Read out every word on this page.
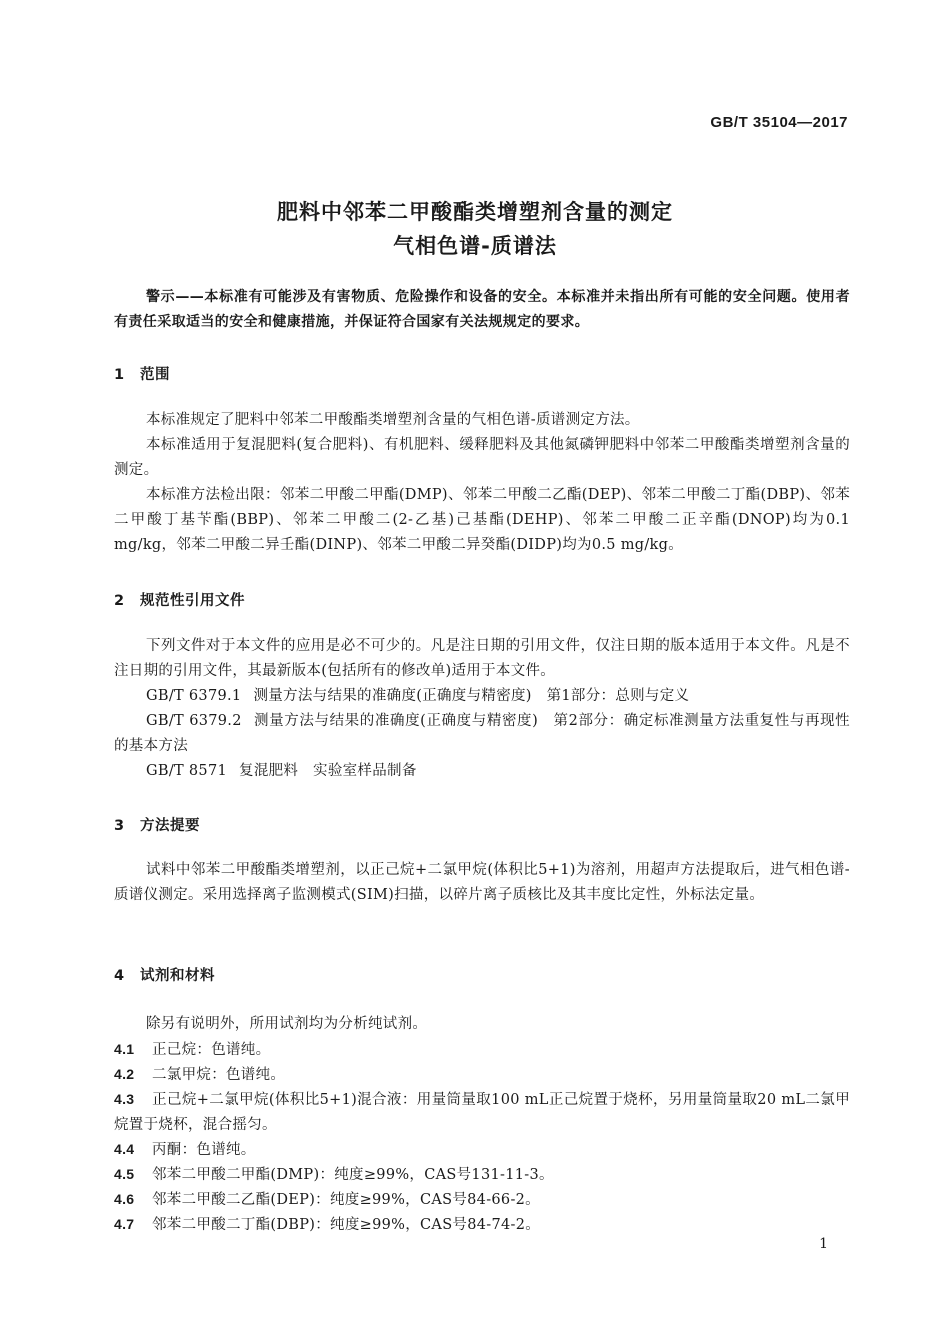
GB/T 35104—2017
肥料中邻苯二甲酸酯类增塑剂含量的测定
气相色谱-质谱法
警示——本标准有可能涉及有害物质、危险操作和设备的安全。本标准并未指出所有可能的安全问题。使用者有责任采取适当的安全和健康措施，并保证符合国家有关法规规定的要求。
1 范围
本标准规定了肥料中邻苯二甲酸酯类增塑剂含量的气相色谱-质谱测定方法。
本标准适用于复混肥料(复合肥料)、有机肥料、缓释肥料及其他氮磷钾肥料中邻苯二甲酸酯类增塑剂含量的测定。
本标准方法检出限：邻苯二甲酸二甲酯(DMP)、邻苯二甲酸二乙酯(DEP)、邻苯二甲酸二丁酯(DBP)、邻苯二甲酸丁基苄酯(BBP)、邻苯二甲酸二(2-乙基)己基酯(DEHP)、邻苯二甲酸二正辛酯(DNOP)均为0.1 mg/kg，邻苯二甲酸二异壬酯(DINP)、邻苯二甲酸二异癸酯(DIDP)均为0.5 mg/kg。
2 规范性引用文件
下列文件对于本文件的应用是必不可少的。凡是注日期的引用文件，仅注日期的版本适用于本文件。凡是不注日期的引用文件，其最新版本(包括所有的修改单)适用于本文件。
GB/T 6379.1 测量方法与结果的准确度(正确度与精密度)　第1部分：总则与定义
GB/T 6379.2 测量方法与结果的准确度(正确度与精密度)　第2部分：确定标准测量方法重复性与再现性的基本方法
GB/T 8571 复混肥料　实验室样品制备
3 方法提要
试料中邻苯二甲酸酯类增塑剂，以正己烷+二氯甲烷(体积比5+1)为溶剂，用超声方法提取后，进气相色谱-质谱仪测定。采用选择离子监测模式(SIM)扫描，以碎片离子质核比及其丰度比定性，外标法定量。
4 试剂和材料
除另有说明外，所用试剂均为分析纯试剂。
4.1 正己烷：色谱纯。
4.2 二氯甲烷：色谱纯。
4.3 正己烷+二氯甲烷(体积比5+1)混合液：用量筒量取100 mL正己烷置于烧杯，另用量筒量取20 mL二氯甲烷置于烧杯，混合摇匀。
4.4 丙酮：色谱纯。
4.5 邻苯二甲酸二甲酯(DMP)：纯度≥99%，CAS号131-11-3。
4.6 邻苯二甲酸二乙酯(DEP)：纯度≥99%，CAS号84-66-2。
4.7 邻苯二甲酸二丁酯(DBP)：纯度≥99%，CAS号84-74-2。
1
